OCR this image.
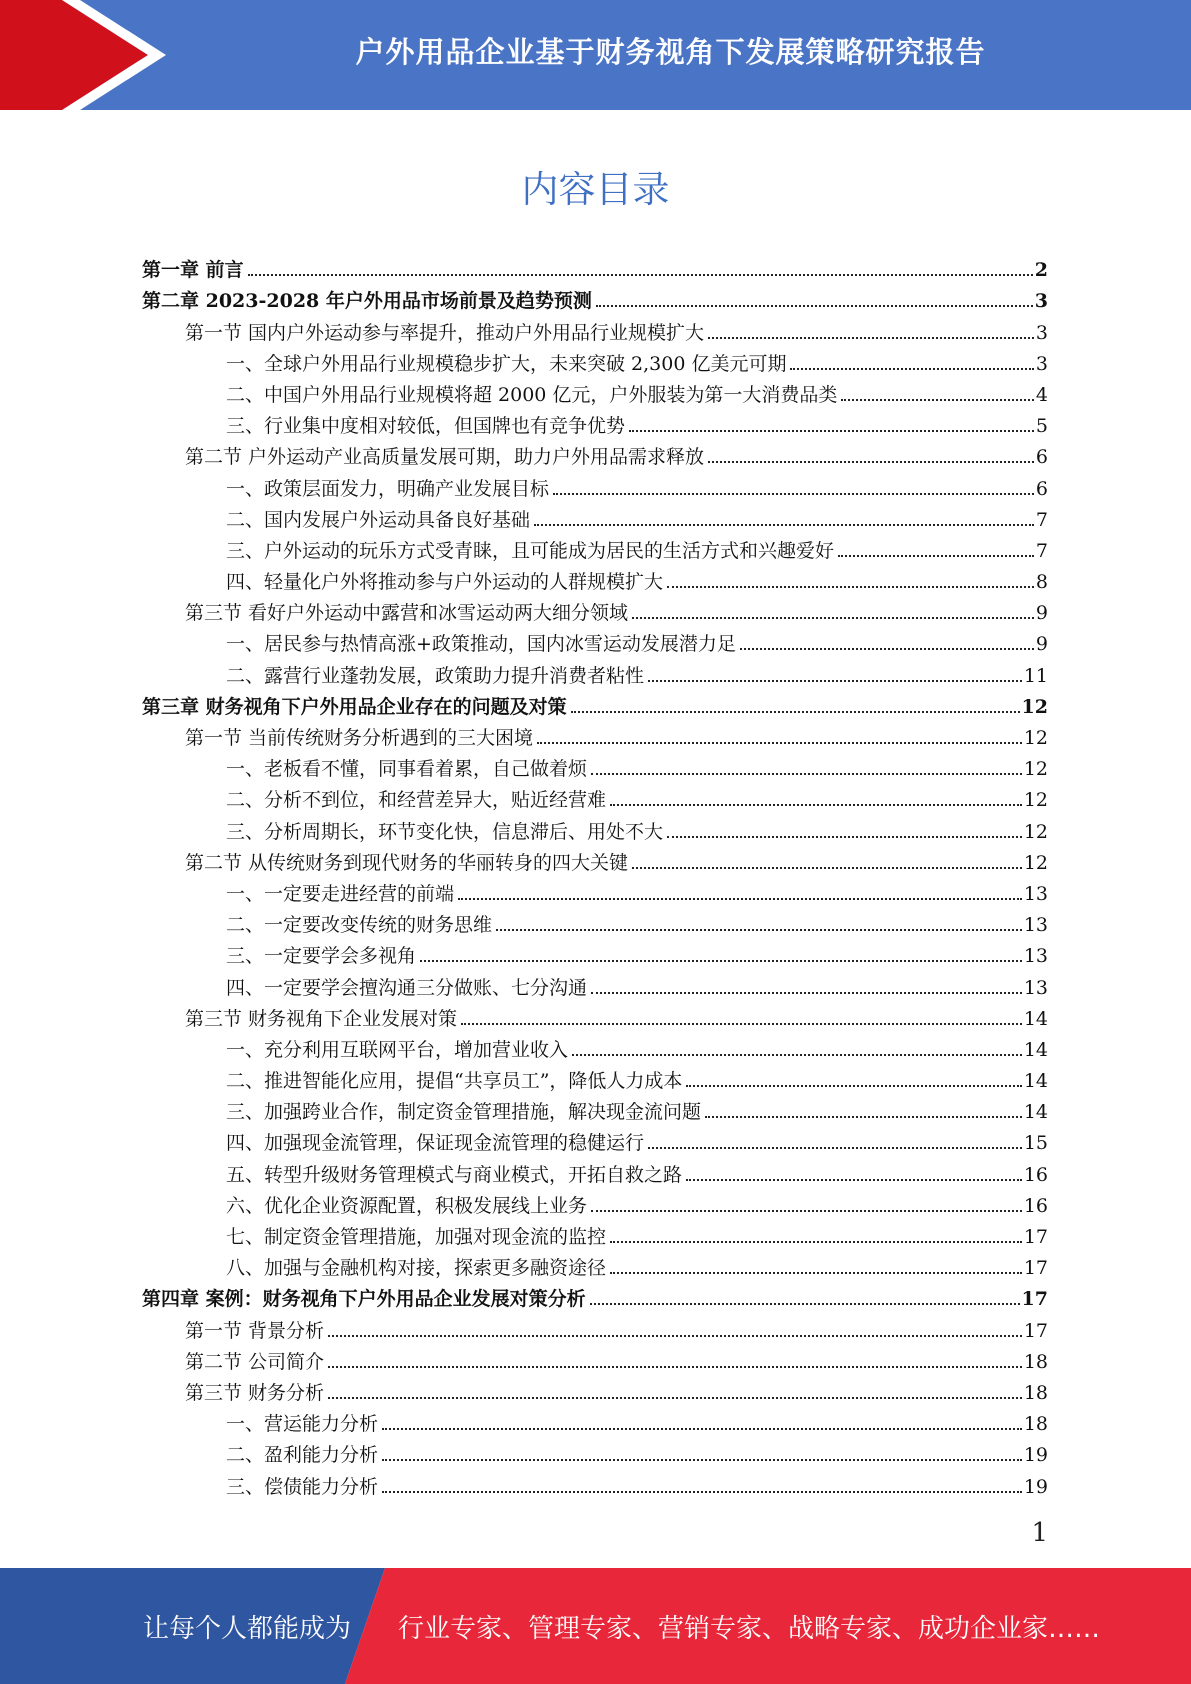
户外用品企业基于财务视角下发展策略研究报告
内容目录
第一章 前言	2
第二章 2023-2028 年户外用品市场前景及趋势预测	3
第一节 国内户外运动参与率提升，推动户外用品行业规模扩大	3
一、全球户外用品行业规模稳步扩大，未来突破 2,300 亿美元可期	3
二、中国户外用品行业规模将超 2000 亿元，户外服装为第一大消费品类	4
三、行业集中度相对较低，但国牌也有竞争优势	5
第二节 户外运动产业高质量发展可期，助力户外用品需求释放	6
一、政策层面发力，明确产业发展目标	6
二、国内发展户外运动具备良好基础	7
三、户外运动的玩乐方式受青睐，且可能成为居民的生活方式和兴趣爱好	7
四、轻量化户外将推动参与户外运动的人群规模扩大	8
第三节 看好户外运动中露营和冰雪运动两大细分领域	9
一、居民参与热情高涨+政策推动，国内冰雪运动发展潜力足	9
二、露营行业蓬勃发展，政策助力提升消费者粘性	11
第三章 财务视角下户外用品企业存在的问题及对策	12
第一节 当前传统财务分析遇到的三大困境	12
一、老板看不懂，同事看着累，自己做着烦	12
二、分析不到位，和经营差异大，贴近经营难	12
三、分析周期长，环节变化快，信息滞后、用处不大	12
第二节 从传统财务到现代财务的华丽转身的四大关键	12
一、一定要走进经营的前端	13
二、一定要改变传统的财务思维	13
三、一定要学会多视角	13
四、一定要学会擅沟通三分做账、七分沟通	13
第三节 财务视角下企业发展对策	14
一、充分利用互联网平台，增加营业收入	14
二、推进智能化应用，提倡“共享员工”，降低人力成本	14
三、加强跨业合作，制定资金管理措施，解决现金流问题	14
四、加强现金流管理，保证现金流管理的稳健运行	15
五、转型升级财务管理模式与商业模式，开拓自救之路	16
六、优化企业资源配置，积极发展线上业务	16
七、制定资金管理措施，加强对现金流的监控	17
八、加强与金融机构对接，探索更多融资途径	17
第四章 案例：财务视角下户外用品企业发展对策分析	17
第一节 背景分析	17
第二节 公司简介	18
第三节 财务分析	18
一、营运能力分析	18
二、盈利能力分析	19
三、偿债能力分析	19
1
让每个人都能成为 行业专家、管理专家、营销专家、战略专家、成功企业家……
